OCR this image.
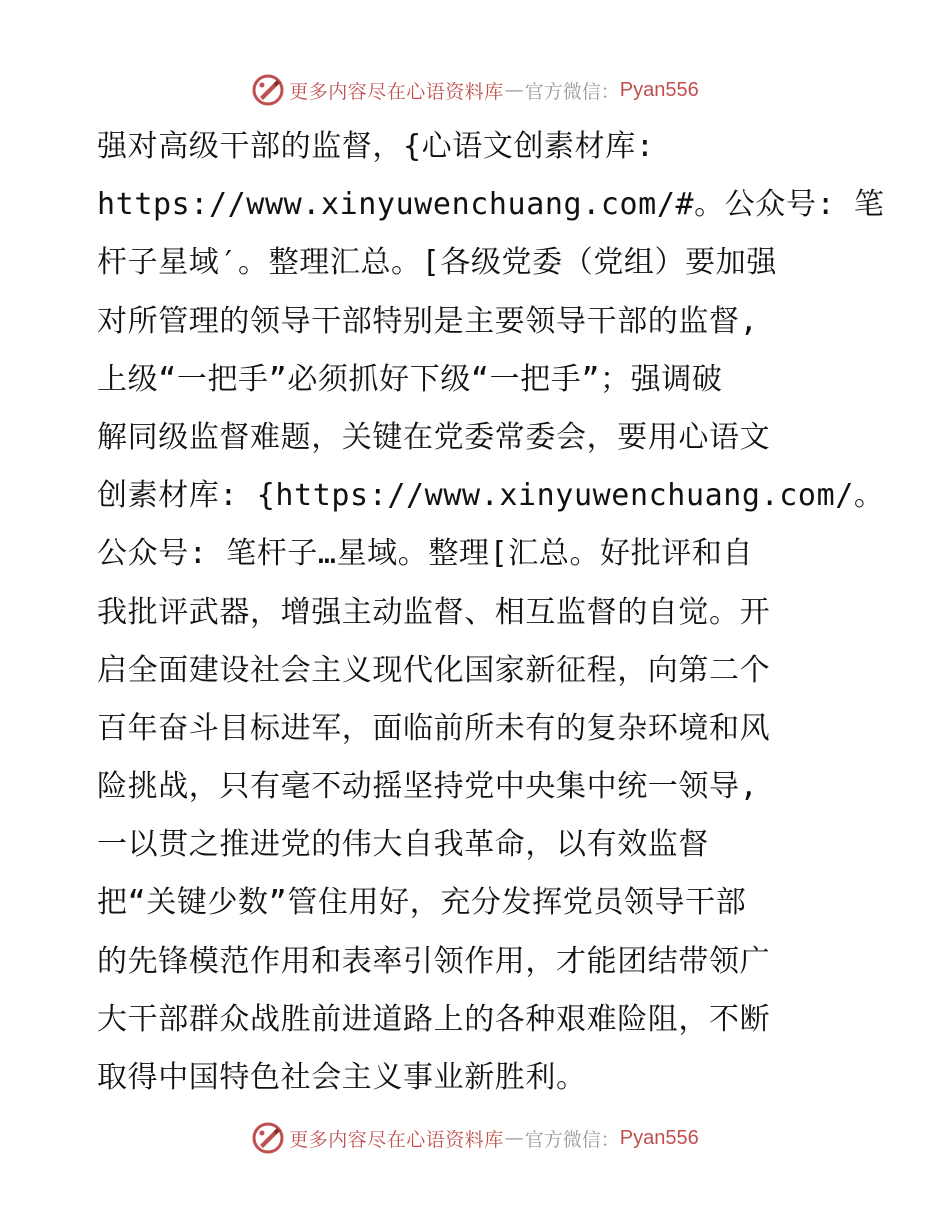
更多内容尽在心语资料库 — 官方微信： Pyan556
强对高级干部的监督，{心语文创素材库:
https://www.xinyuwenchuang.com/#。公众号: 笔
杆子星域′。整理汇总。[各级党委（党组）要加强
对所管理的领导干部特别是主要领导干部的监督,
上级“一把手”必须抓好下级“一把手”；强调破
解同级监督难题，关键在党委常委会，要用心语文
创素材库: {https://www.xinyuwenchuang.com/。
公众号: 笔杆子…星域。整理[汇总。好批评和自
我批评武器，增强主动监督、相互监督的自觉。开
启全面建设社会主义现代化国家新征程，向第二个
百年奋斗目标进军，面临前所未有的复杂环境和风
险挑战，只有毫不动摇坚持党中央集中统一领导,
一以贯之推进党的伟大自我革命，以有效监督
把“关键少数”管住用好，充分发挥党员领导干部
的先锋模范作用和表率引领作用，才能团结带领广
大干部群众战胜前进道路上的各种艰难险阻，不断
取得中国特色社会主义事业新胜利。
更多内容尽在心语资料库 — 官方微信： Pyan556
